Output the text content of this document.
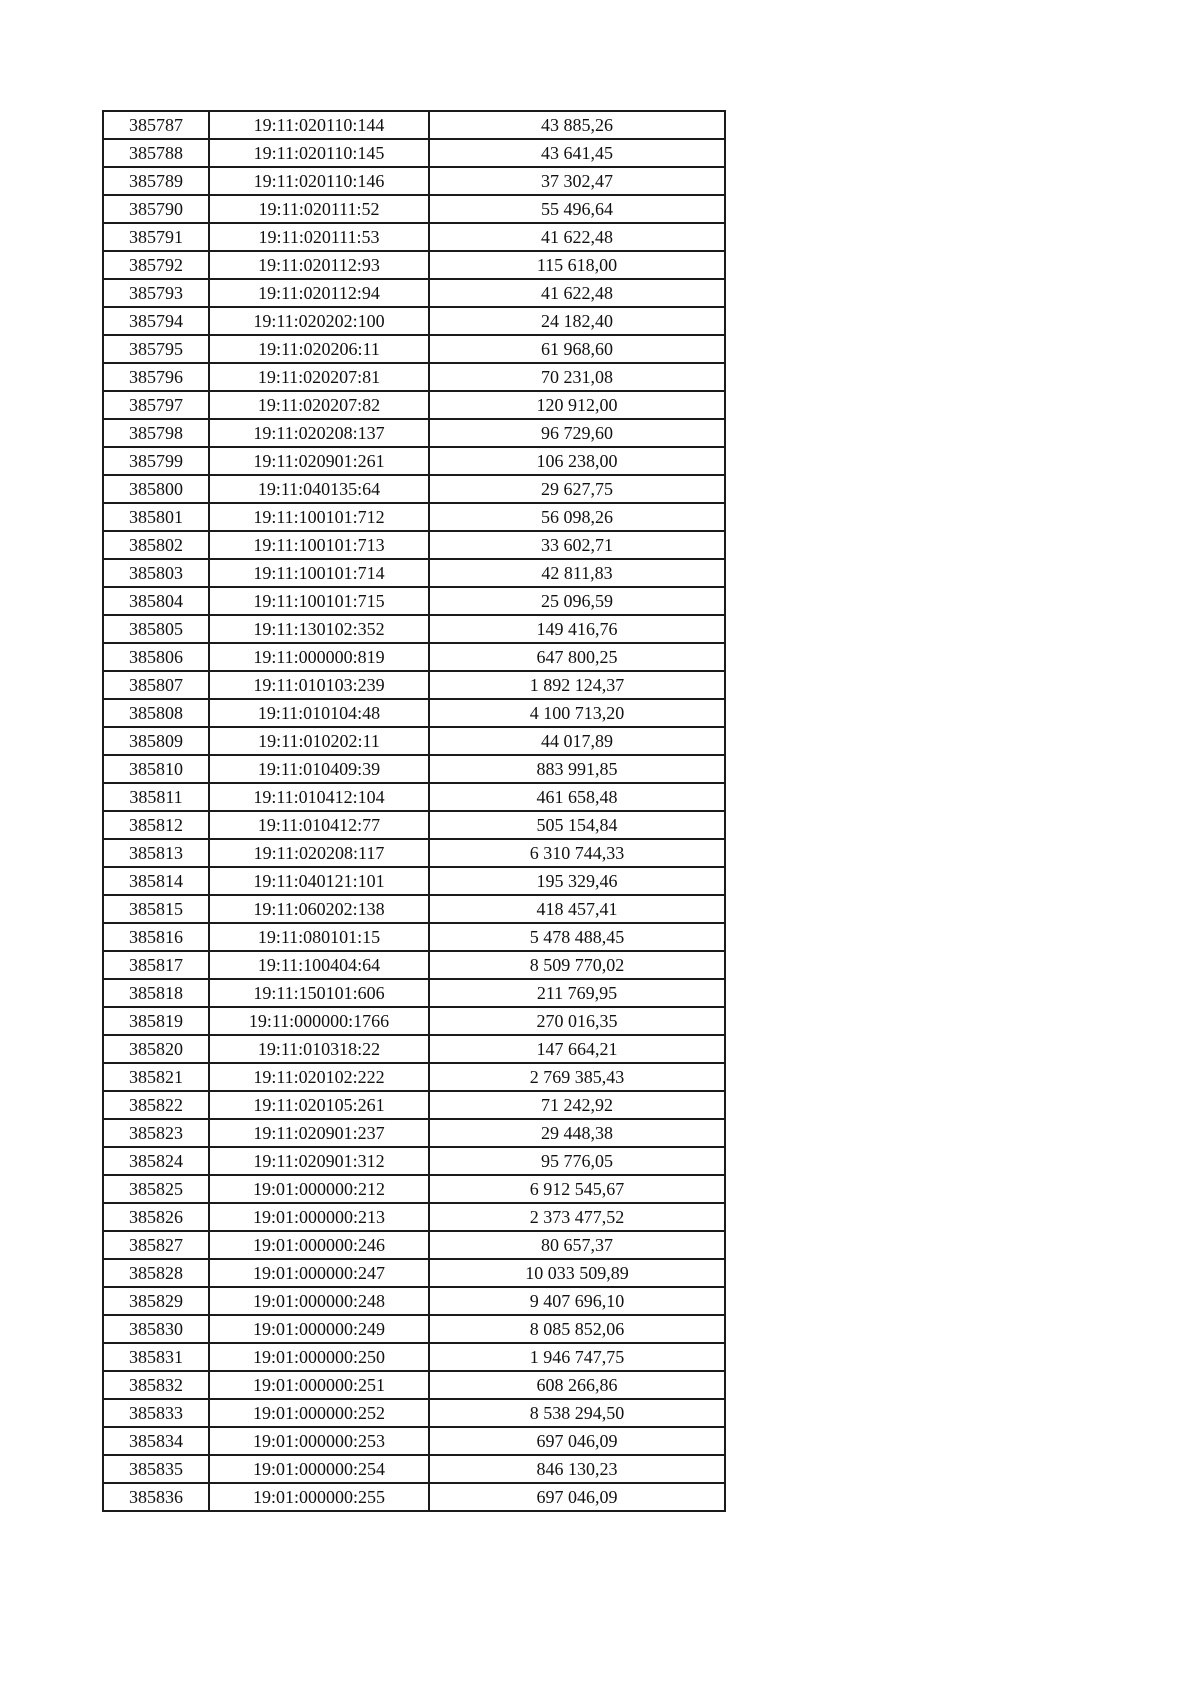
385787	19:11:020110:144	43 885,26
385788	19:11:020110:145	43 641,45
385789	19:11:020110:146	37 302,47
385790	19:11:020111:52	55 496,64
385791	19:11:020111:53	41 622,48
385792	19:11:020112:93	115 618,00
385793	19:11:020112:94	41 622,48
385794	19:11:020202:100	24 182,40
385795	19:11:020206:11	61 968,60
385796	19:11:020207:81	70 231,08
385797	19:11:020207:82	120 912,00
385798	19:11:020208:137	96 729,60
385799	19:11:020901:261	106 238,00
385800	19:11:040135:64	29 627,75
385801	19:11:100101:712	56 098,26
385802	19:11:100101:713	33 602,71
385803	19:11:100101:714	42 811,83
385804	19:11:100101:715	25 096,59
385805	19:11:130102:352	149 416,76
385806	19:11:000000:819	647 800,25
385807	19:11:010103:239	1 892 124,37
385808	19:11:010104:48	4 100 713,20
385809	19:11:010202:11	44 017,89
385810	19:11:010409:39	883 991,85
385811	19:11:010412:104	461 658,48
385812	19:11:010412:77	505 154,84
385813	19:11:020208:117	6 310 744,33
385814	19:11:040121:101	195 329,46
385815	19:11:060202:138	418 457,41
385816	19:11:080101:15	5 478 488,45
385817	19:11:100404:64	8 509 770,02
385818	19:11:150101:606	211 769,95
385819	19:11:000000:1766	270 016,35
385820	19:11:010318:22	147 664,21
385821	19:11:020102:222	2 769 385,43
385822	19:11:020105:261	71 242,92
385823	19:11:020901:237	29 448,38
385824	19:11:020901:312	95 776,05
385825	19:01:000000:212	6 912 545,67
385826	19:01:000000:213	2 373 477,52
385827	19:01:000000:246	80 657,37
385828	19:01:000000:247	10 033 509,89
385829	19:01:000000:248	9 407 696,10
385830	19:01:000000:249	8 085 852,06
385831	19:01:000000:250	1 946 747,75
385832	19:01:000000:251	608 266,86
385833	19:01:000000:252	8 538 294,50
385834	19:01:000000:253	697 046,09
385835	19:01:000000:254	846 130,23
385836	19:01:000000:255	697 046,09
